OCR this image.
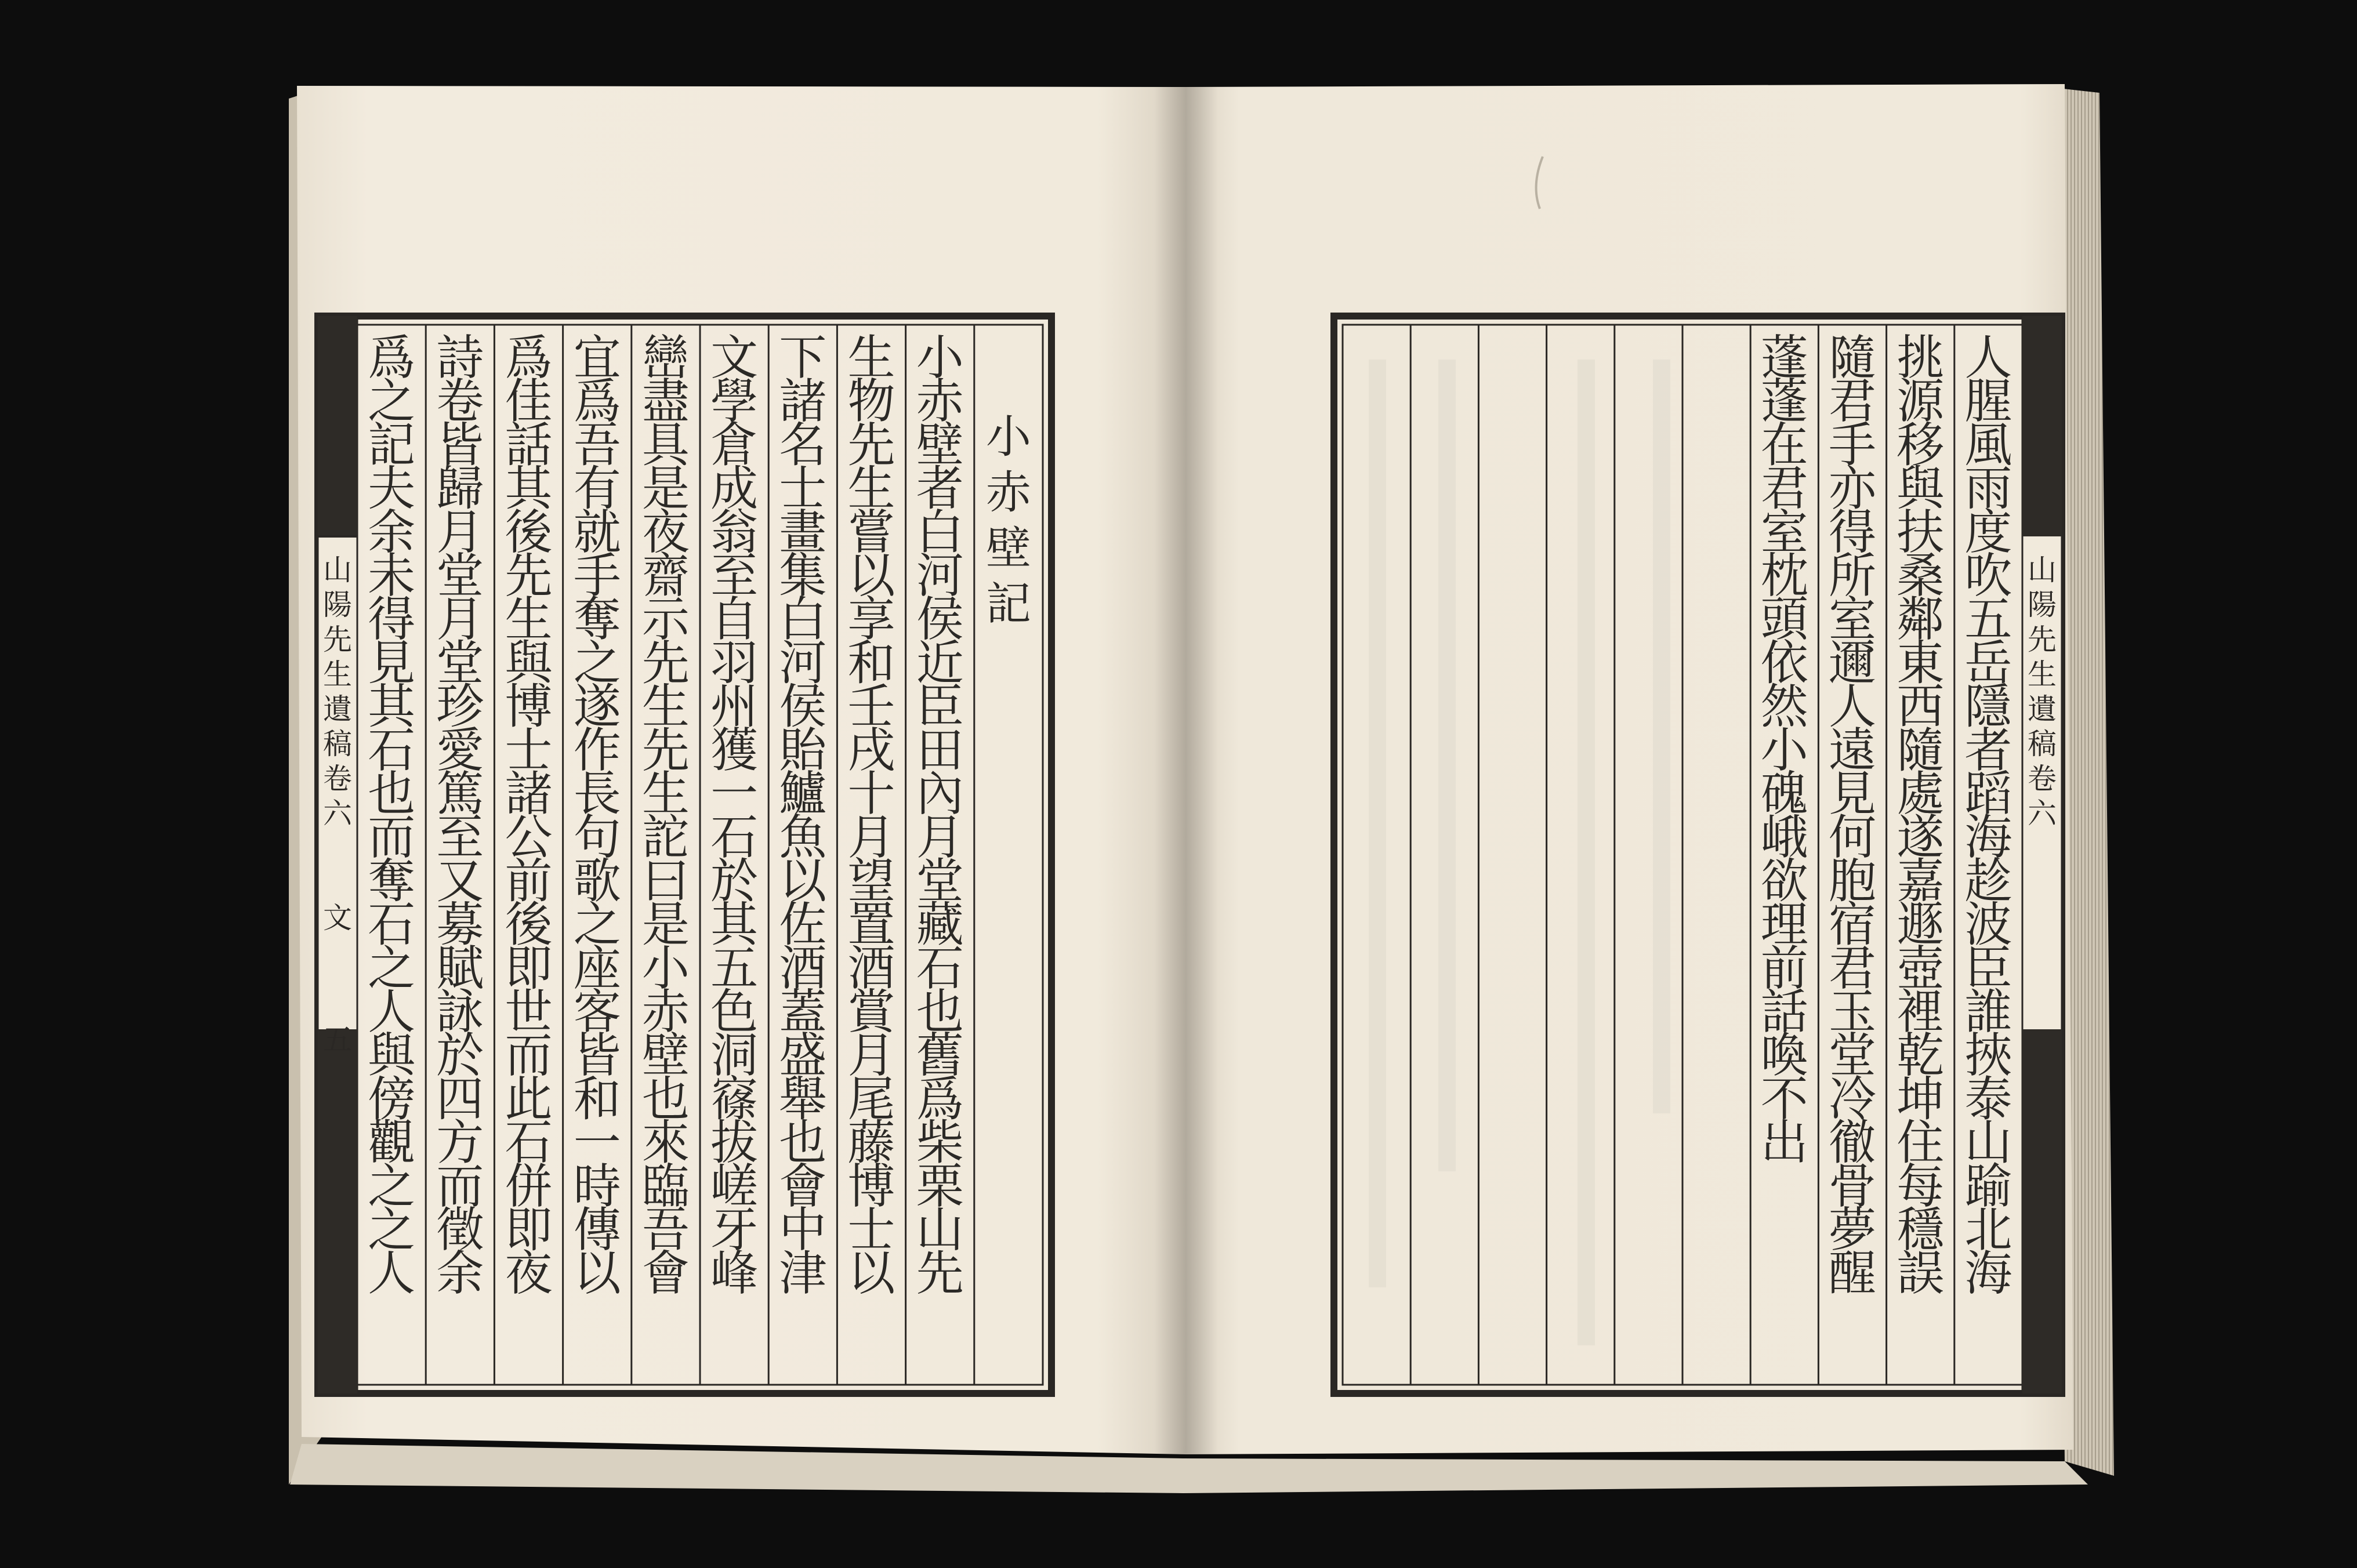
小赤壁記
小赤壁者白河侯近臣田內月堂藏石也舊爲柴栗山先
生物先生嘗以享和壬戌十月望置酒賞月尾藤博士以
下諸名士畫集白河侯貽鱸魚以佐酒蓋盛舉也會中津
文學倉成翁至自羽州獲一石於其五色洞窱拔嵯牙峰
巒盡具是夜齋示先生先生詑曰是小赤壁也來臨吾會
宜爲吾有就手奪之遂作長句歌之座客皆和一時傳以
爲佳話其後先生與博士諸公前後即世而此石併即夜
詩卷皆歸月堂月堂珍愛篤至又募賦詠於四方而徵余
爲之記夫余未得見其石也而奪石之人與傍觀之之人
文
五
山陽先生遺稿卷六
人腥風雨度吹五岳隱者蹈海趁波臣誰挾泰山踰北海
挑源移與扶桑鄰東西隨處遂嘉遯壺裡乾坤住每穩誤
隨君手亦得所室邇人遠見何胞宿君玉堂冷徹骨夢醒
蓬蓬在君室枕頭依然小磈峨欲理前話喚不出
山陽先生遺稿卷六
